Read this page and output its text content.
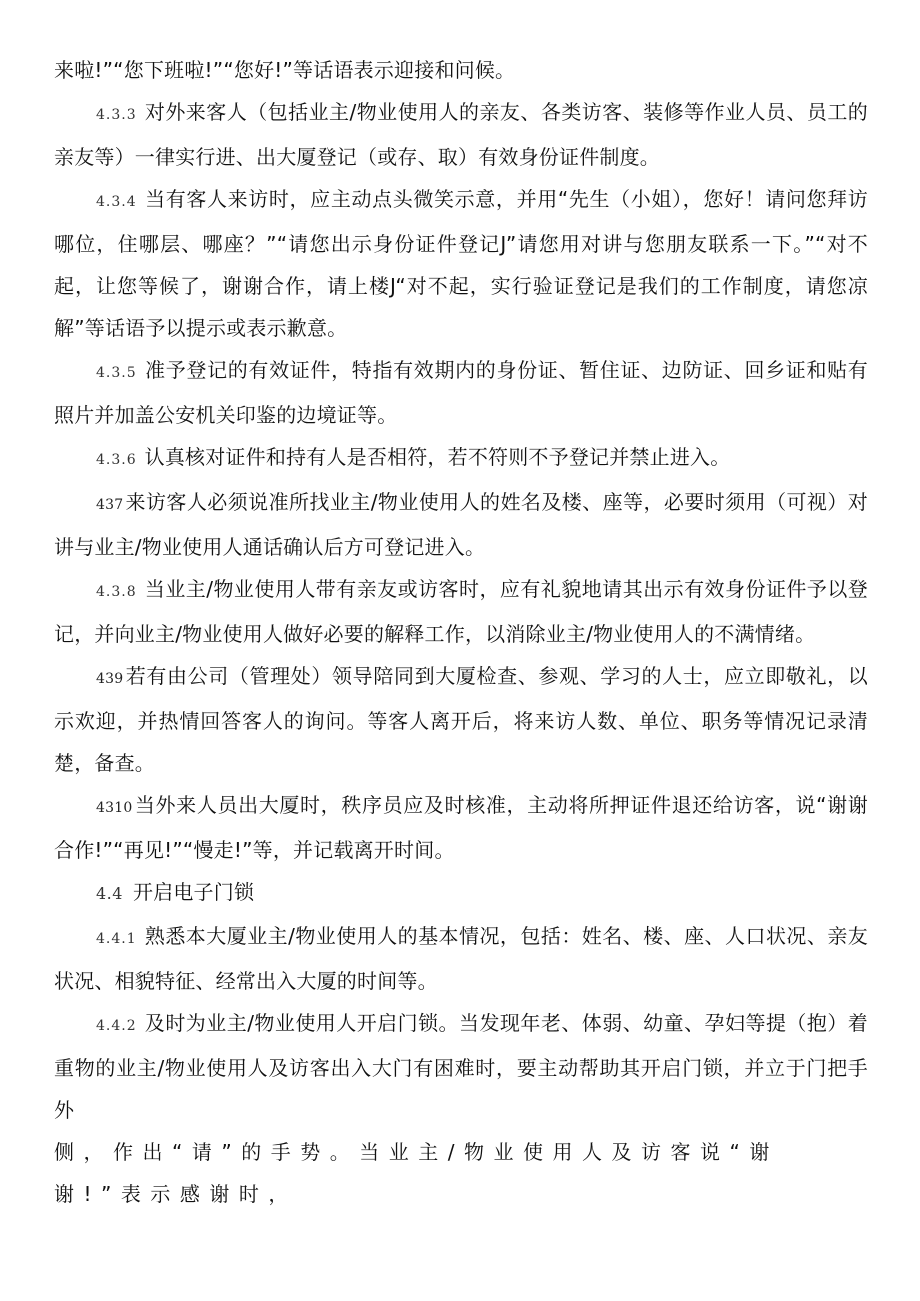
来啦!”“您下班啦!”“您好!”等话语表示迎接和问候。

4.3.3 对外来客人（包括业主/物业使用人的亲友、各类访客、装修等作业人员、员工的亲友等）一律实行进、出大厦登记（或存、取）有效身份证件制度。

4.3.4 当有客人来访时，应主动点头微笑示意，并用“先生（小姐），您好！请问您拜访哪位，住哪层、哪座？”“请您出示身份证件登记J”请您用对讲与您朋友联系一下。”“对不起，让您等候了，谢谢合作，请上楼J“对不起，实行验证登记是我们的工作制度，请您凉解”等话语予以提示或表示歉意。

4.3.5 准予登记的有效证件，特指有效期内的身份证、暂住证、边防证、回乡证和贴有照片并加盖公安机关印鉴的边境证等。

4.3.6 认真核对证件和持有人是否相符，若不符则不予登记并禁止进入。

437 来访客人必须说准所找业主/物业使用人的姓名及楼、座等，必要时须用（可视）对讲与业主/物业使用人通话确认后方可登记进入。

4.3.8 当业主/物业使用人带有亲友或访客时，应有礼貌地请其出示有效身份证件予以登记，并向业主/物业使用人做好必要的解释工作，以消除业主/物业使用人的不满情绪。

439 若有由公司（管理处）领导陪同到大厦检查、参观、学习的人士，应立即敬礼，以示欢迎，并热情回答客人的询问。等客人离开后，将来访人数、单位、职务等情况记录清楚，备查。

4310 当外来人员出大厦时，秩序员应及时核准，主动将所押证件退还给访客，说“谢谢合作!”“再见!”“慢走!”等，并记载离开时间。

4.4 开启电子门锁

4.4.1 熟悉本大厦业主/物业使用人的基本情况，包括：姓名、楼、座、人口状况、亲友状况、相貌特征、经常出入大厦的时间等。

4.4.2 及时为业主/物业使用人开启门锁。当发现年老、体弱、幼童、孕妇等提（抱）着重物的业主/物业使用人及访客出入大门有困难时，要主动帮助其开启门锁，并立于门把手外

侧，作出“请”的手势。当业主/物业使用人及访客说“谢谢!”表示感谢时，
